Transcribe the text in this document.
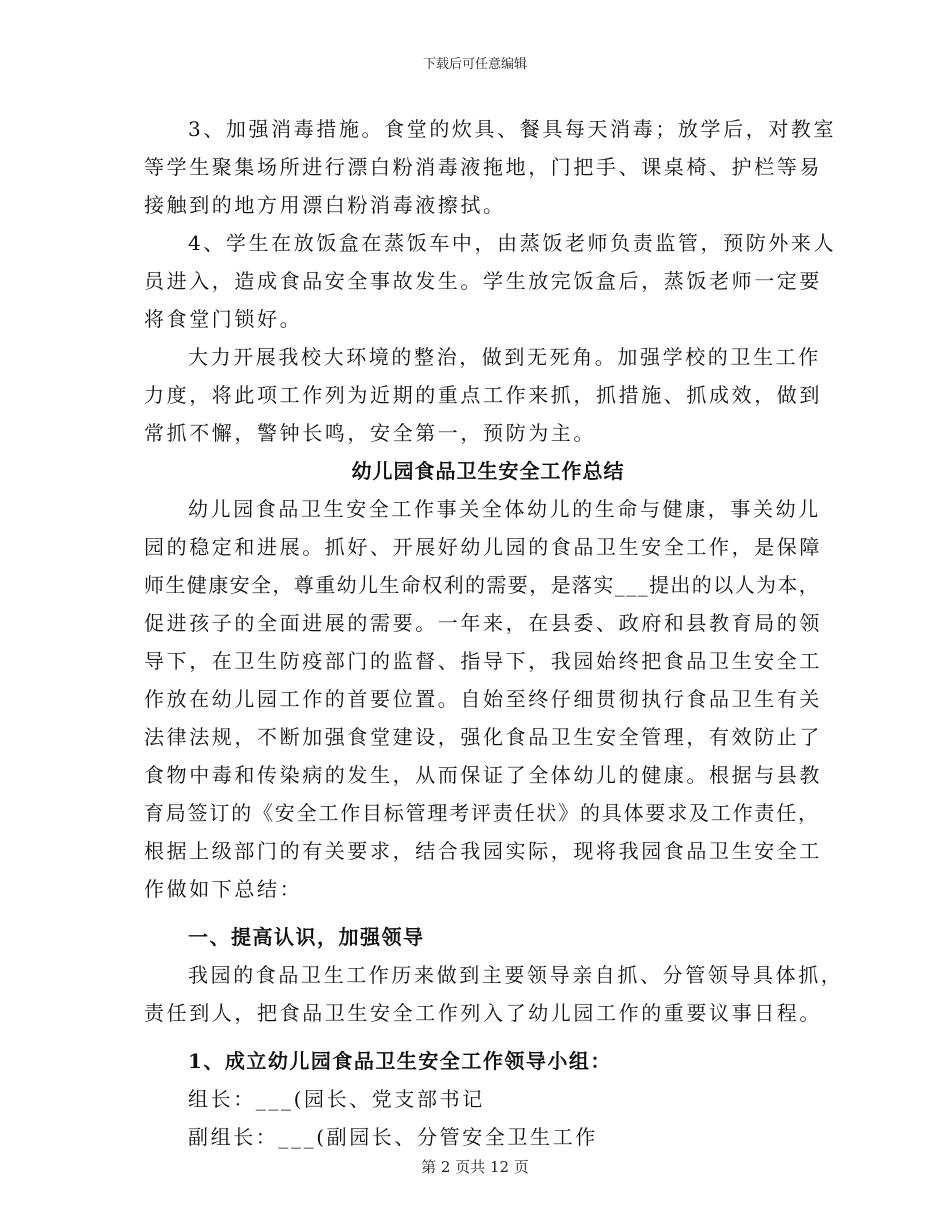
下载后可任意编辑
3、加强消毒措施。食堂的炊具、餐具每天消毒；放学后，对教室
等学生聚集场所进行漂白粉消毒液拖地，门把手、课桌椅、护栏等易
接触到的地方用漂白粉消毒液擦拭。
4、学生在放饭盒在蒸饭车中，由蒸饭老师负责监管，预防外来人
员进入，造成食品安全事故发生。学生放完饭盒后，蒸饭老师一定要
将食堂门锁好。
大力开展我校大环境的整治，做到无死角。加强学校的卫生工作
力度，将此项工作列为近期的重点工作来抓，抓措施、抓成效，做到
常抓不懈，警钟长鸣，安全第一，预防为主。
幼儿园食品卫生安全工作总结
幼儿园食品卫生安全工作事关全体幼儿的生命与健康，事关幼儿
园的稳定和进展。抓好、开展好幼儿园的食品卫生安全工作，是保障
师生健康安全，尊重幼儿生命权利的需要，是落实___提出的以人为本，
促进孩子的全面进展的需要。一年来，在县委、政府和县教育局的领
导下，在卫生防疫部门的监督、指导下，我园始终把食品卫生安全工
作放在幼儿园工作的首要位置。自始至终仔细贯彻执行食品卫生有关
法律法规，不断加强食堂建设，强化食品卫生安全管理，有效防止了
食物中毒和传染病的发生，从而保证了全体幼儿的健康。根据与县教
育局签订的《安全工作目标管理考评责任状》的具体要求及工作责任，
根据上级部门的有关要求，结合我园实际，现将我园食品卫生安全工
作做如下总结：
一、提高认识，加强领导
我园的食品卫生工作历来做到主要领导亲自抓、分管领导具体抓，
责任到人，把食品卫生安全工作列入了幼儿园工作的重要议事日程。
1、成立幼儿园食品卫生安全工作领导小组：
组长：___(园长、党支部书记
副组长：___(副园长、分管安全卫生工作
第 2 页共 12 页
